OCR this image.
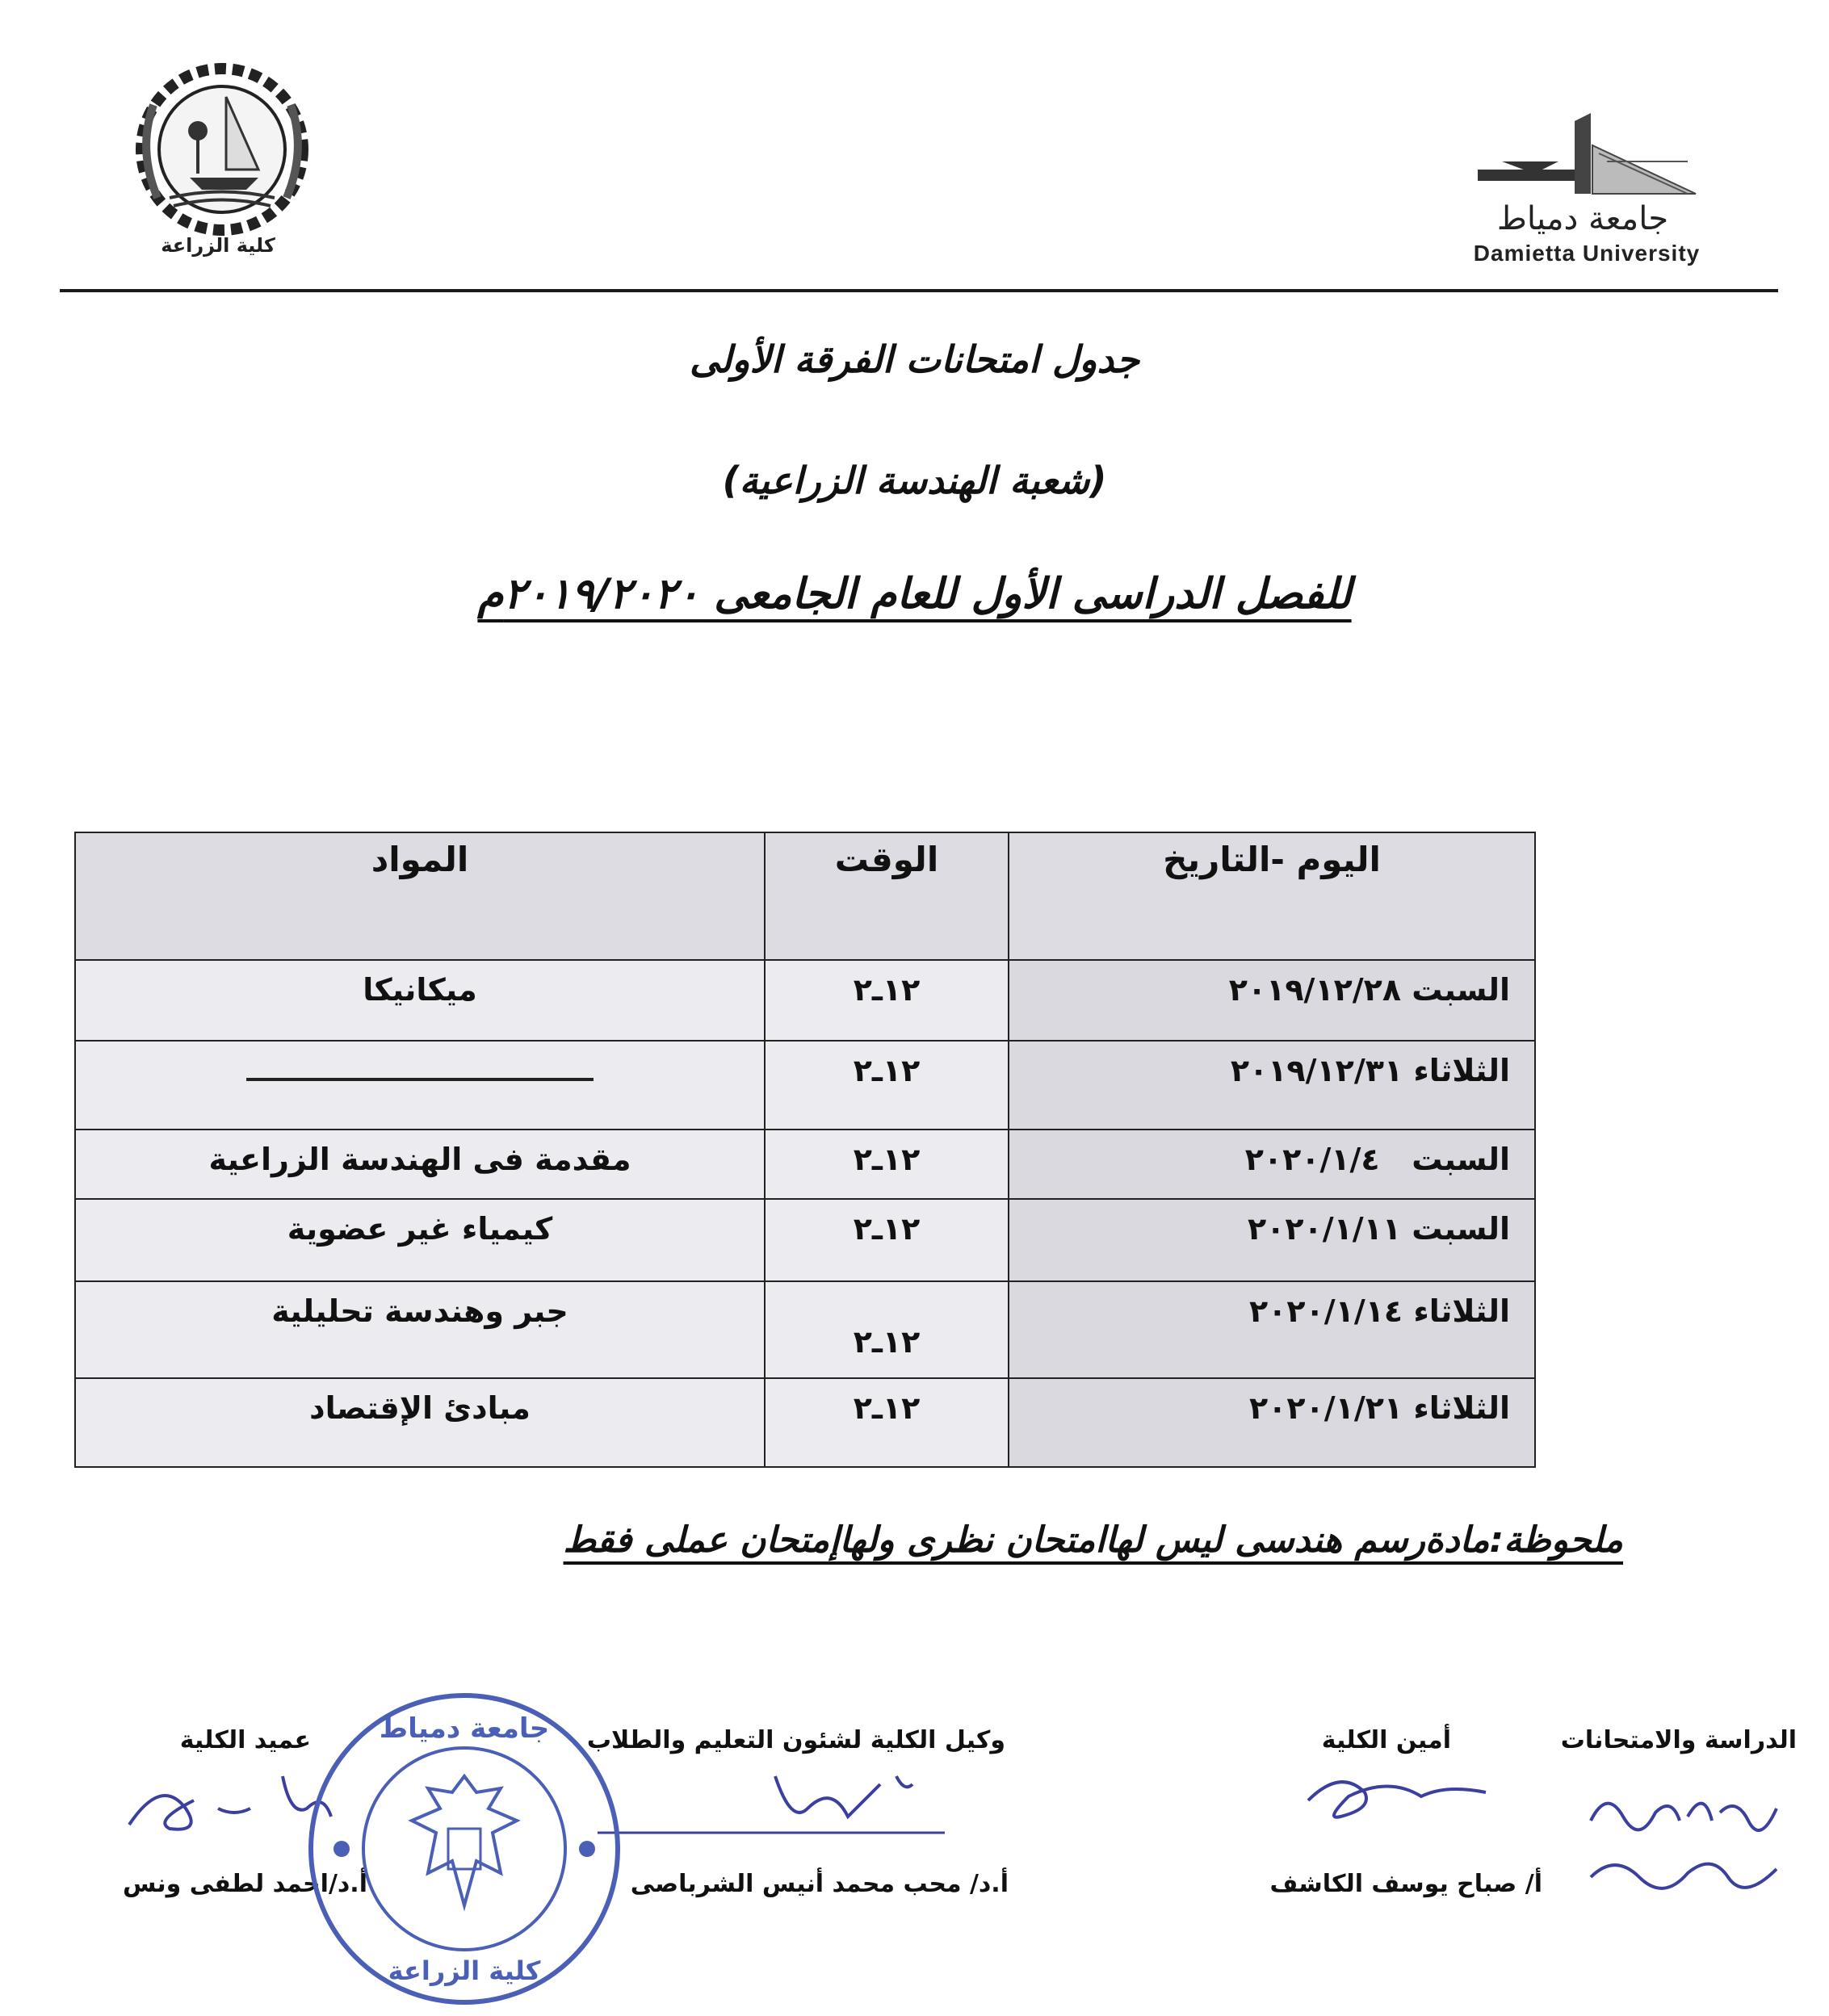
جامعة دمياط
Damietta University
كلية الزراعة
جدول امتحانات الفرقة الأولى
(شعبة الهندسة الزراعية)
للفصل الدراسى الأول للعام الجامعى ٢٠١٩/٢٠٢٠م
اليوم -التاريخ	الوقت	المواد
السبت ٢٠١٩/١٢/٢٨	١٢ـ٢	ميكانيكا
الثلاثاء ٢٠١٩/١٢/٣١	١٢ـ٢	
السبت   ٢٠٢٠/١/٤	١٢ـ٢	مقدمة فى الهندسة الزراعية
السبت ٢٠٢٠/١/١١	١٢ـ٢	كيمياء غير عضوية
الثلاثاء ٢٠٢٠/١/١٤	١٢ـ٢	جبر وهندسة تحليلية
الثلاثاء ٢٠٢٠/١/٢١	١٢ـ٢	مبادئ الإقتصاد
ملحوظة:مادةرسم هندسى ليس لهاامتحان نظرى ولهاإمتحان عملى فقط
الدراسة والامتحانات
أمين الكلية
أ/ صباح يوسف الكاشف
وكيل الكلية لشئون التعليم والطلاب
أ.د/ محب محمد أنيس الشرباصى
عميد الكلية
أ.د/احمد لطفى ونس
جامعة دمياط
كلية الزراعة
